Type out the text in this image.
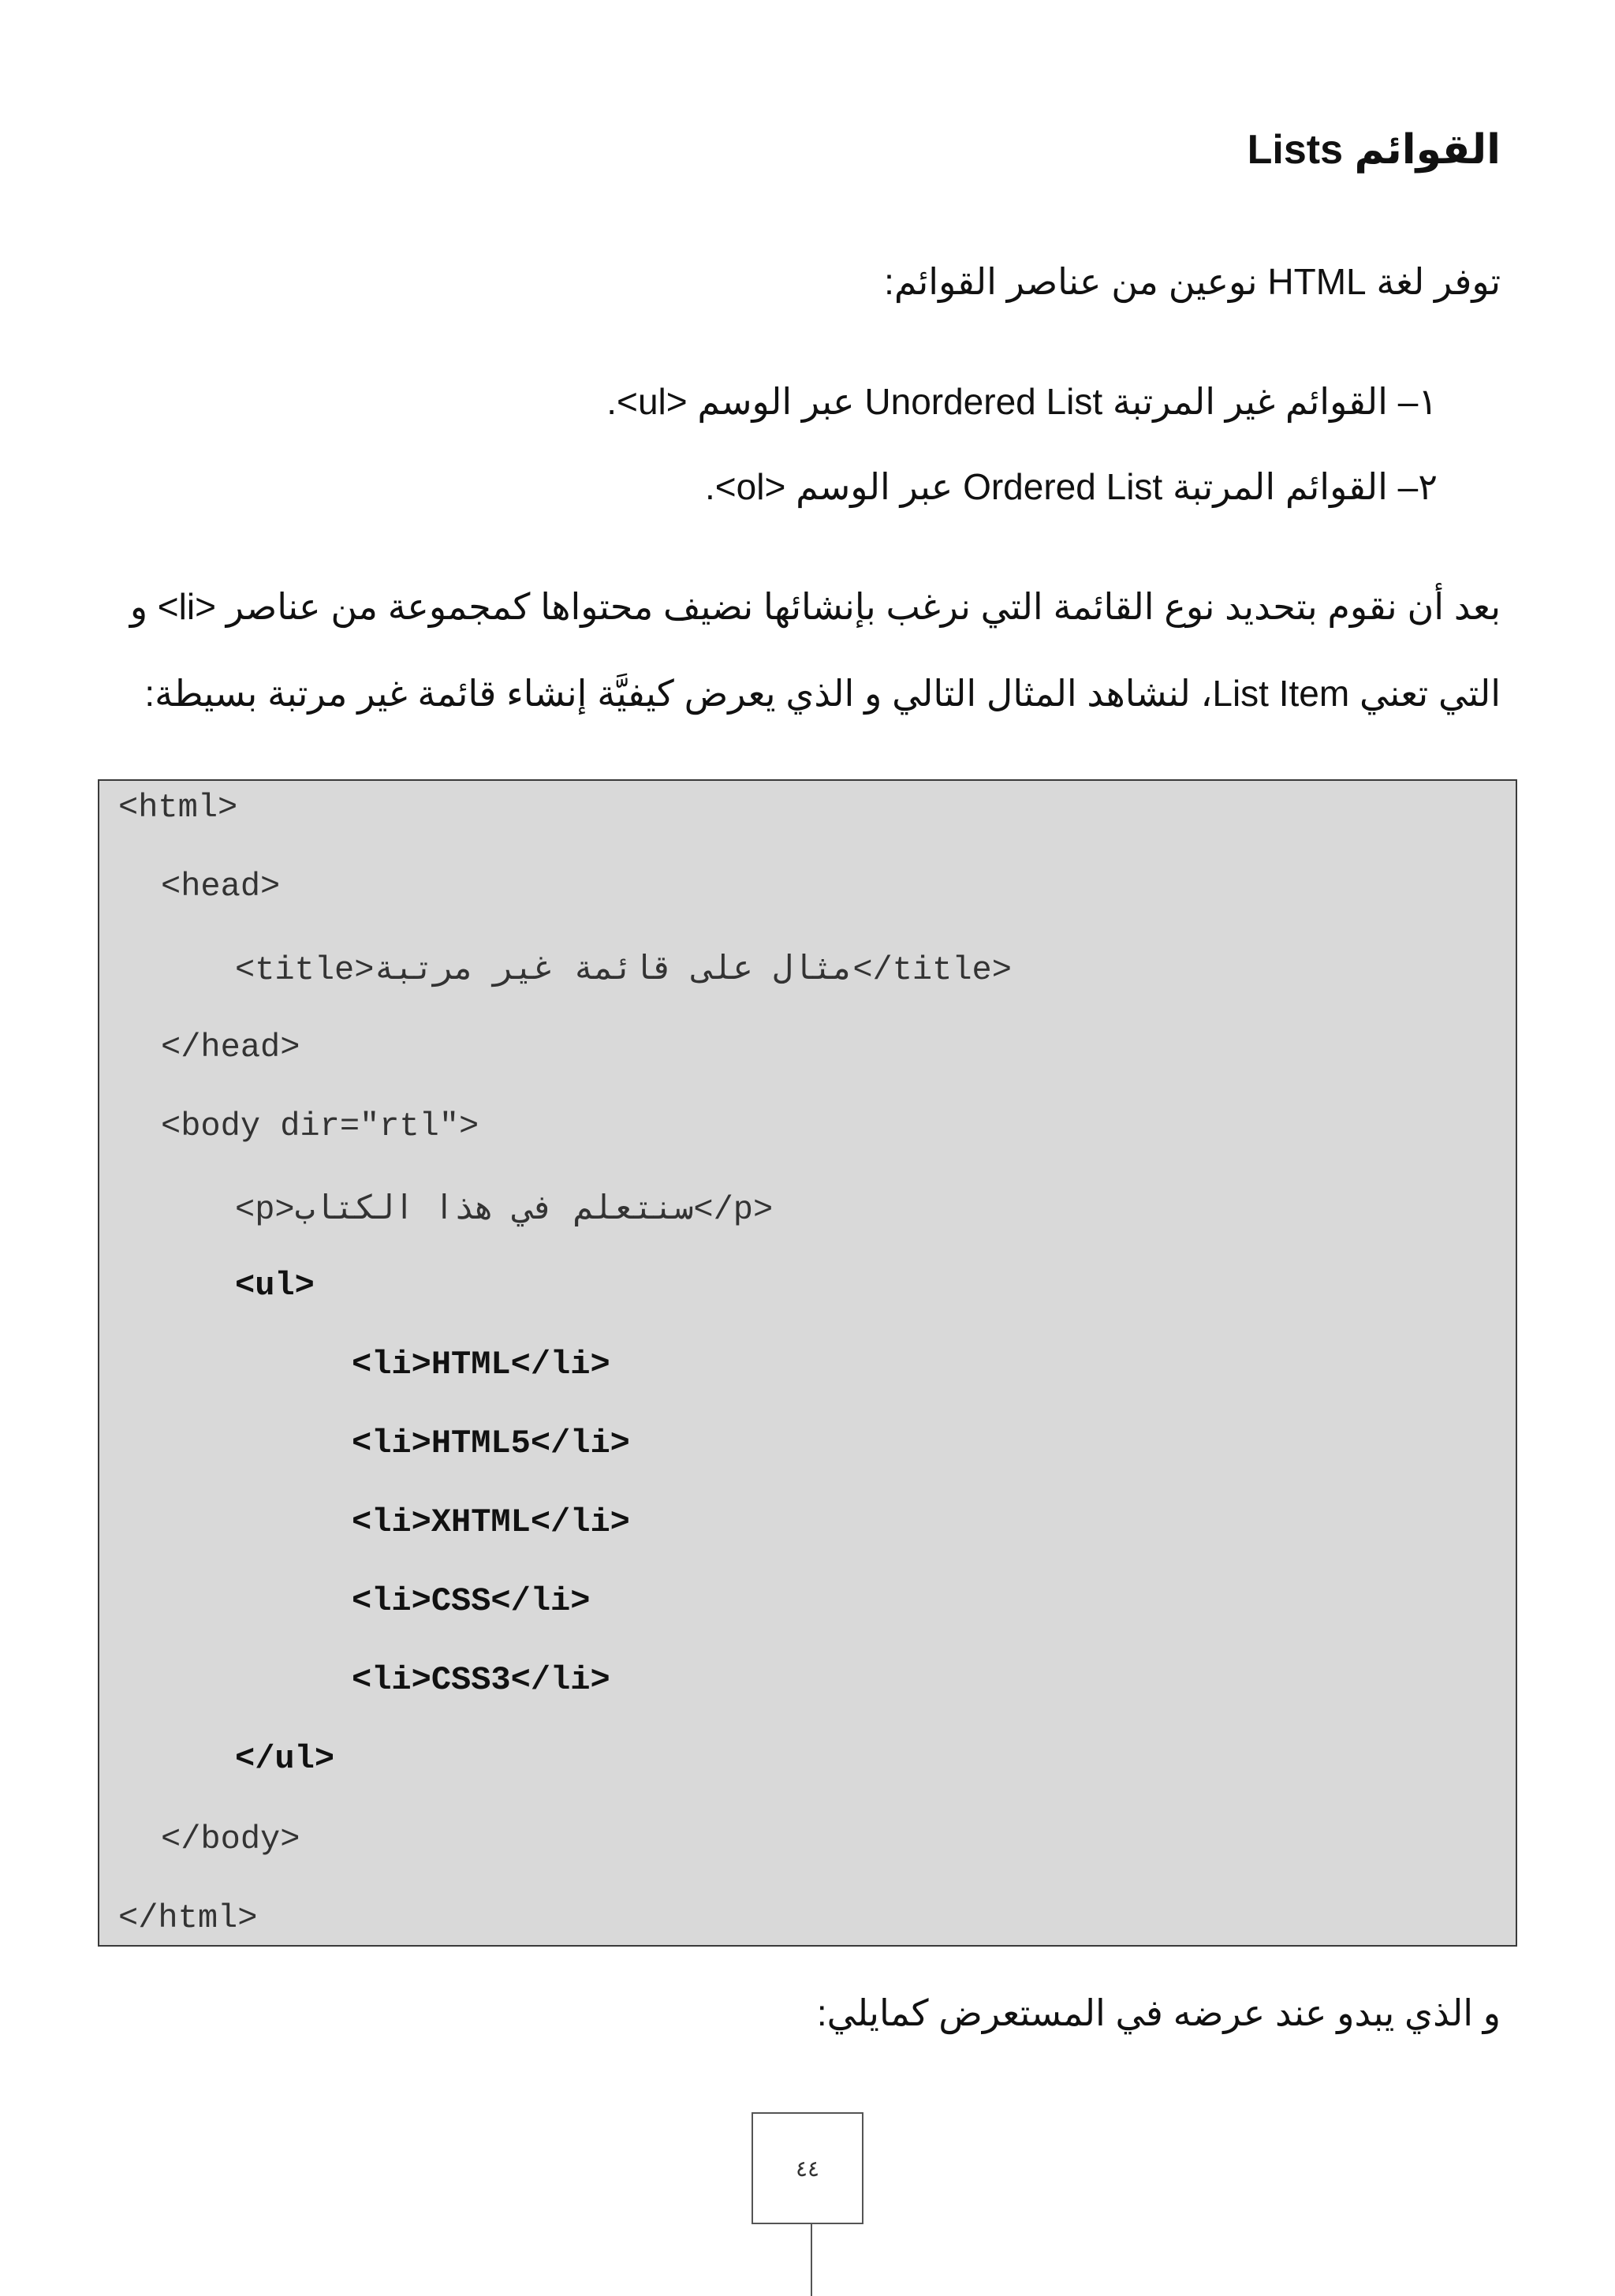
القوائم Lists
توفر لغة HTML نوعين من عناصر القوائم:
١– القوائم غير المرتبة Unordered List عبر الوسم <ul>.
٢– القوائم المرتبة Ordered List عبر الوسم <ol>.
بعد أن نقوم بتحديد نوع القائمة التي نرغب بإنشائها نضيف محتواها كمجموعة من عناصر <li> و
التي تعني List Item، لنشاهد المثال التالي و الذي يعرض كيفيَّة إنشاء قائمة غير مرتبة بسيطة:
<html>
<head>
<title>مثال على قائمة غير مرتبة</title>
</head>
<body dir="rtl">
<p>سنتعلم في هذا الكتاب</p>
<ul>
<li>HTML</li>
<li>HTML5</li>
<li>XHTML</li>
<li>CSS</li>
<li>CSS3</li>
</ul>
</body>
</html>
و الذي يبدو عند عرضه في المستعرض كمايلي:
٤٤
